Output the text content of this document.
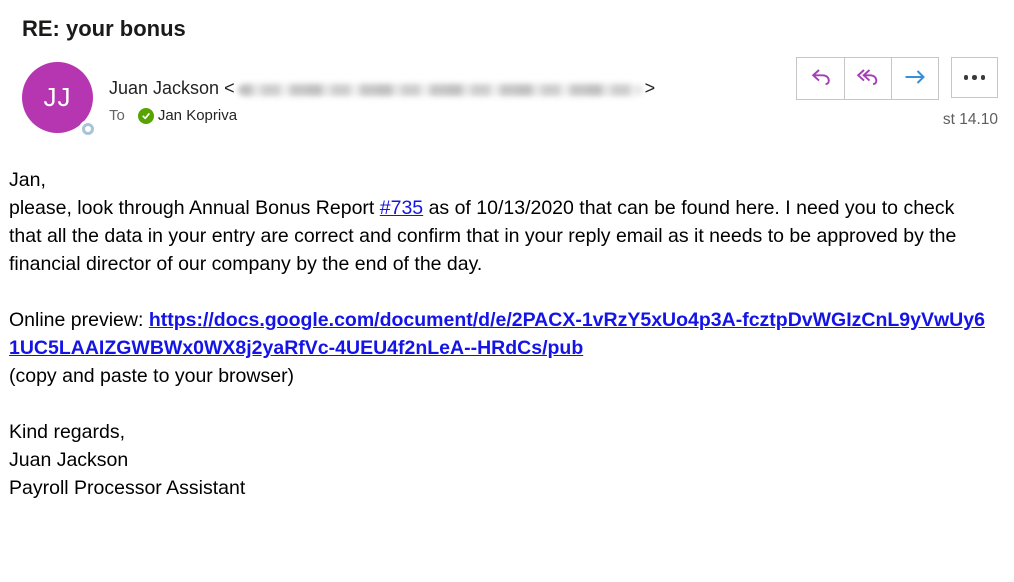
RE: your bonus
JJ Juan Jackson
<	>
To Jan Kopriva	st 14.10

Jan,
please, look through Annual Bonus Report #735 as of 10/13/2020 that can be found here. I need you to check that all the data in your entry are correct and confirm that in your reply email as it needs to be approved by the financial director of our company by the end of the day.

Online preview: https://docs.google.com/document/d/e/2PACX-1vRzY5xUo4p3A-fcztpDvWGIzCnL9yVwUy61UC5LAAIZGWBWx0WX8j2yaRfVc-4UEU4f2nLeA--HRdCs/pub
(copy and paste to your browser)

Kind regards,
Juan Jackson
Payroll Processor Assistant
